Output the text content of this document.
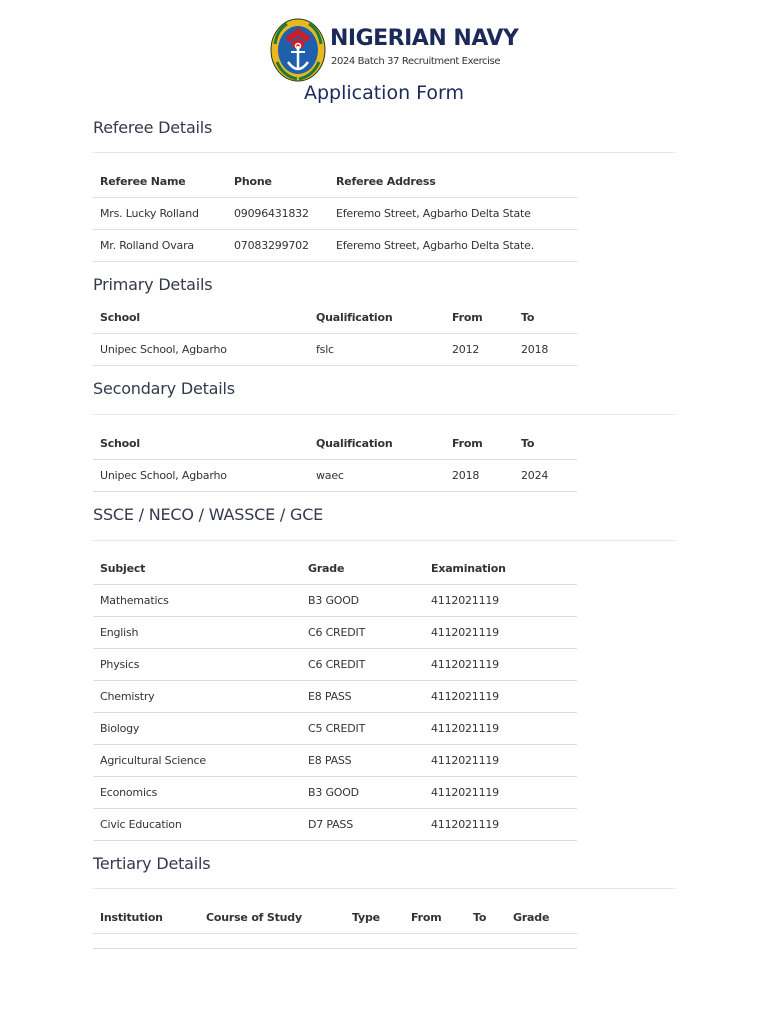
NIGERIAN NAVY
2024 Batch 37 Recruitment Exercise
Application Form
Referee Details
Referee Name	Phone	Referee Address
Mrs. Lucky Rolland	09096431832	Eferemo Street, Agbarho Delta State
Mr. Rolland Ovara	07083299702	Eferemo Street, Agbarho Delta State.
Primary Details
School	Qualification	From	To
Unipec School, Agbarho	fslc	2012	2018
Secondary Details
School	Qualification	From	To
Unipec School, Agbarho	waec	2018	2024
SSCE / NECO / WASSCE / GCE
Subject	Grade	Examination
Mathematics	B3 GOOD	4112021119
English	C6 CREDIT	4112021119
Physics	C6 CREDIT	4112021119
Chemistry	E8 PASS	4112021119
Biology	C5 CREDIT	4112021119
Agricultural Science	E8 PASS	4112021119
Economics	B3 GOOD	4112021119
Civic Education	D7 PASS	4112021119
Tertiary Details
Institution	Course of Study	Type	From	To	Grade
